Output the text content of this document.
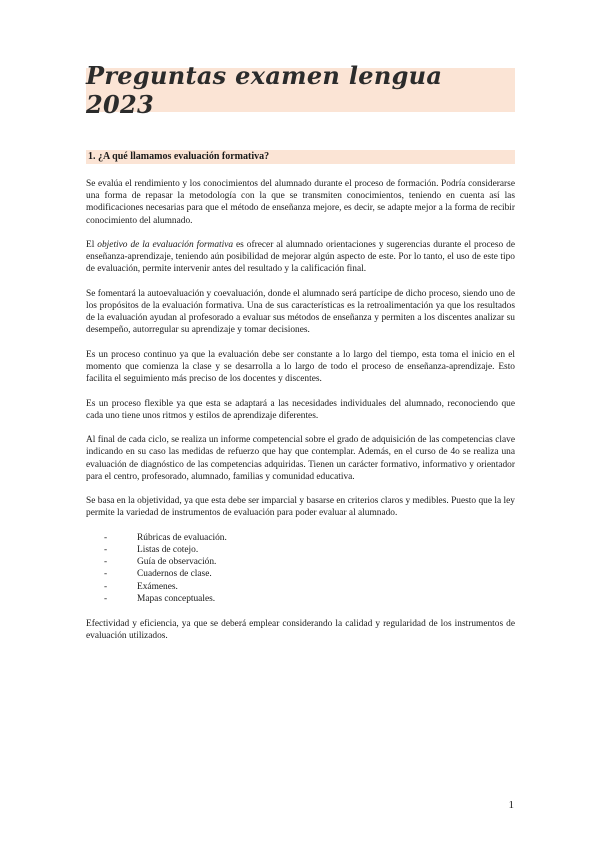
Preguntas examen lengua 2023
1. ¿A qué llamamos evaluación formativa?

Se evalúa el rendimiento y los conocimientos del alumnado durante el proceso de formación. Podría considerarse una forma de repasar la metodología con la que se transmiten conocimientos, teniendo en cuenta así las modificaciones necesarias para que el método de enseñanza mejore, es decir, se adapte mejor a la forma de recibir conocimiento del alumnado.

El objetivo de la evaluación formativa es ofrecer al alumnado orientaciones y sugerencias durante el proceso de enseñanza-aprendizaje, teniendo aún posibilidad de mejorar algún aspecto de este. Por lo tanto, el uso de este tipo de evaluación, permite intervenir antes del resultado y la calificación final.

Se fomentará la autoevaluación y coevaluación, donde el alumnado será partícipe de dicho proceso, siendo uno de los propósitos de la evaluación formativa. Una de sus características es la retroalimentación ya que los resultados de la evaluación ayudan al profesorado a evaluar sus métodos de enseñanza y permiten a los discentes analizar su desempeño, autorregular su aprendizaje y tomar decisiones.

Es un proceso continuo ya que la evaluación debe ser constante a lo largo del tiempo, esta toma el inicio en el momento que comienza la clase y se desarrolla a lo largo de todo el proceso de enseñanza-aprendizaje. Esto facilita el seguimiento más preciso de los docentes y discentes.

Es un proceso flexible ya que esta se adaptará a las necesidades individuales del alumnado, reconociendo que cada uno tiene unos ritmos y estilos de aprendizaje diferentes.

Al final de cada ciclo, se realiza un informe competencial sobre el grado de adquisición de las competencias clave indicando en su caso las medidas de refuerzo que hay que contemplar. Además, en el curso de 4o se realiza una evaluación de diagnóstico de las competencias adquiridas. Tienen un carácter formativo, informativo y orientador para el centro, profesorado, alumnado, familias y comunidad educativa.

Se basa en la objetividad, ya que esta debe ser imparcial y basarse en criterios claros y medibles. Puesto que la ley permite la variedad de instrumentos de evaluación para poder evaluar al alumnado.

- Rúbricas de evaluación.
- Listas de cotejo.
- Guía de observación.
- Cuadernos de clase.
- Exámenes.
- Mapas conceptuales.

Efectividad y eficiencia, ya que se deberá emplear considerando la calidad y regularidad de los instrumentos de evaluación utilizados.

1
